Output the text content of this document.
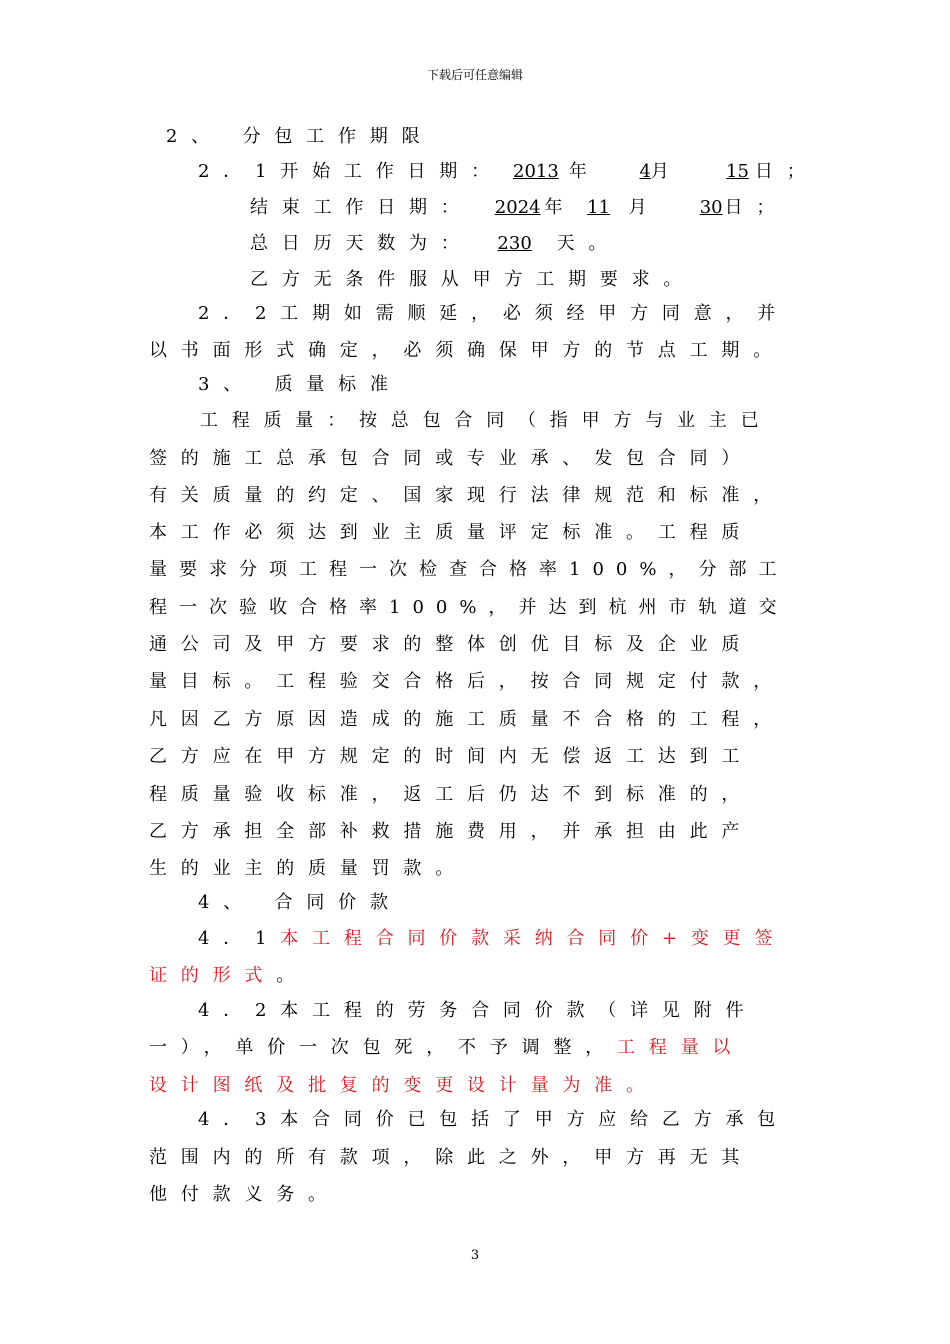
下载后可任意编辑
2、 分包工作期限
2．1开始工作日期： 2013 年	4月	15 日；
结束工作日期： 2024 年 11 月	30 日；
总日历天数为： 230 天。
乙方无条件服从甲方工期要求。
2．2工期如需顺延，必须经甲方同意，并
以书面形式确定，必须确保甲方的节点工期。
3、 质量标准
工程质量：按总包合同（指甲方与业主已
签的施工总承包合同或专业承、发包合同）
有关质量的约定、国家现行法律规范和标准，
本工作必须达到业主质量评定标准。工程质
量要求分项工程一次检查合格率100%，分部工
程一次验收合格率100%，并达到杭州市轨道交
通公司及甲方要求的整体创优目标及企业质
量目标。工程验交合格后，按合同规定付款，
凡因乙方原因造成的施工质量不合格的工程，
乙方应在甲方规定的时间内无偿返工达到工
程质量验收标准，返工后仍达不到标准的，
乙方承担全部补救措施费用，并承担由此产
生的业主的质量罚款。
4、 合同价款
4．1本工程合同价款采纳合同价+变更签
证的形式。
4．2本工程的劳务合同价款（详见附件
一），单价一次包死，不予调整，工程量以
设计图纸及批复的变更设计量为准。
4．3本合同价已包括了甲方应给乙方承包
范围内的所有款项，除此之外，甲方再无其
他付款义务。
3
